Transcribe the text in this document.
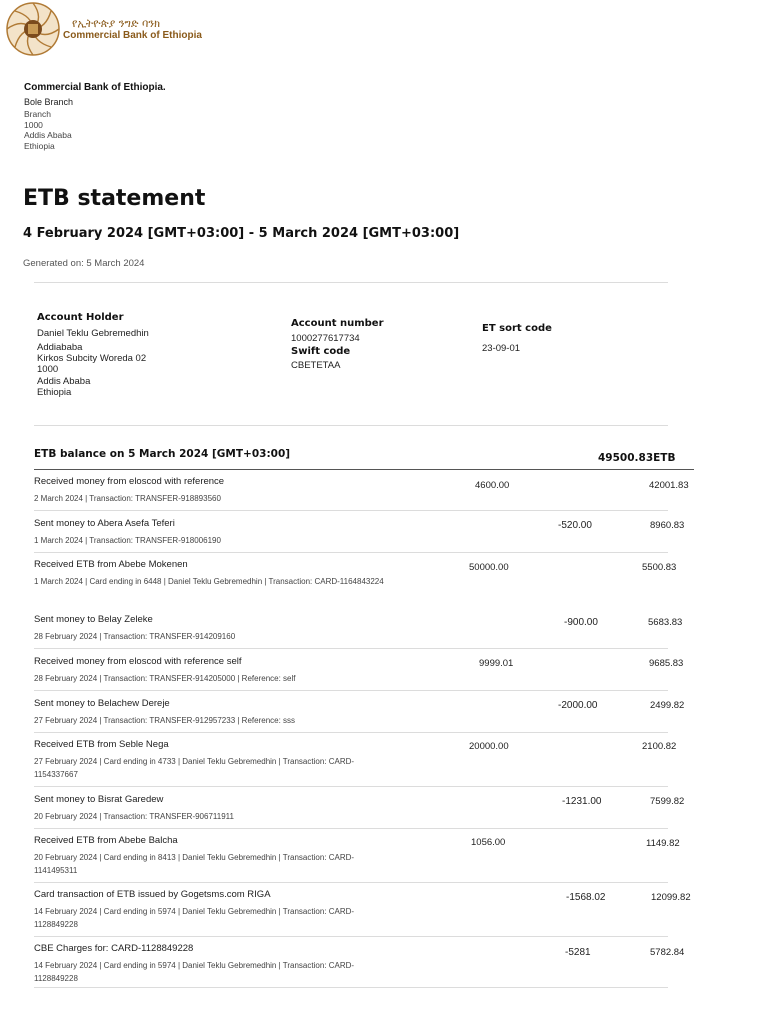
የኢትዮጵያ ንግድ ባንክ
Commercial Bank of Ethiopia
Commercial Bank of Ethiopia.
Bole Branch
Branch
1000
Addis Ababa
Ethiopia
ETB statement
4 February 2024 [GMT+03:00] - 5 March 2024 [GMT+03:00]
Generated on: 5 March 2024
Account Holder
Daniel Teklu Gebremedhin
Addiababa
Kirkos Subcity Woreda 02
1000
Addis Ababa
Ethiopia
Account number
1000277617734
Swift code
CBETETAA
ET sort code
23-09-01
ETB balance on 5 March 2024 [GMT+03:00]	49500.83ETB
Received money from eloscod with reference
2 March 2024 | Transaction: TRANSFER-918893560
4600.00	42001.83
Sent money to Abera Asefa Teferi
1 March 2024 | Transaction: TRANSFER-918006190
-520.00	8960.83
Received ETB from Abebe Mokenen
1 March 2024 | Card ending in 6448 | Daniel Teklu Gebremedhin | Transaction: CARD-1164843224
50000.00	5500.83
Sent money to Belay Zeleke
28 February 2024 | Transaction: TRANSFER-914209160
-900.00	5683.83
Received money from eloscod with reference self
28 February 2024 | Transaction: TRANSFER-914205000 | Reference: self
9999.01	9685.83
Sent money to Belachew Dereje
27 February 2024 | Transaction: TRANSFER-912957233 | Reference: sss
-2000.00	2499.82
Received ETB from Seble Nega
27 February 2024 | Card ending in 4733 | Daniel Teklu Gebremedhin | Transaction: CARD-1154337667
20000.00	2100.82
Sent money to Bisrat Garedew
20 February 2024 | Transaction: TRANSFER-906711911
-1231.00	7599.82
Received ETB from Abebe Balcha
20 February 2024 | Card ending in 8413 | Daniel Teklu Gebremedhin | Transaction: CARD-1141495311
1056.00	1149.82
Card transaction of ETB issued by Gogetsms.com RIGA
14 February 2024 | Card ending in 5974 | Daniel Teklu Gebremedhin | Transaction: CARD-1128849228
-1568.02	12099.82
CBE Charges for: CARD-1128849228
14 February 2024 | Card ending in 5974 | Daniel Teklu Gebremedhin | Transaction: CARD-1128849228
-5281	5782.84
